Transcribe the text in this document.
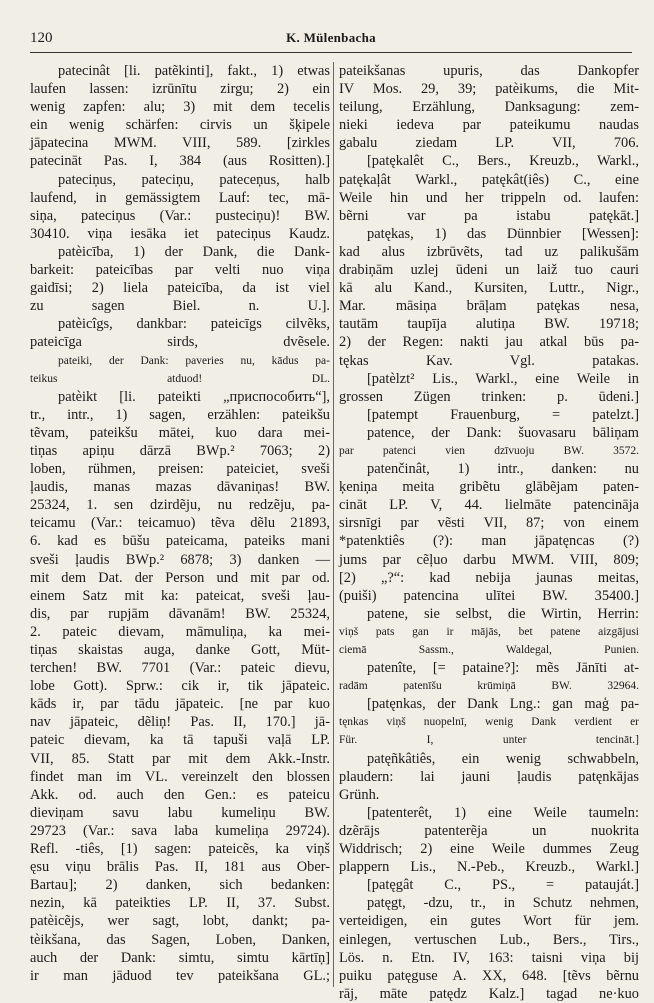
120	K. Mülenbacha
patecinât [li. patẽkinti], fakt., 1) etwas
laufen lassen: izrūnītu zirgu; 2) ein
wenig zapfen: alu; 3) mit dem tecelis
ein wenig schärfen: cirvis un šķipele
jāpatecina MWM. VIII, 589. [zirkles
patecināt Pas. I, 384 (aus Rositten).]
pateciņus, pateciņu, pateceņus, halb
laufend, in gemässigtem Lauf: tec, mā-
siņa, pateciņus (Var.: pusteciņu)! BW.
30410. viņa iesāka iet pateciņus Kaudz.
patèicība, 1) der Dank, die Dank-
barkeit: pateicības par velti nuo viņa
gaidīsi; 2) liela pateicība, da ist viel
zu sagen Biel. n. U.].
patèicîgs, dankbar: pateicīgs cilvẽks,
pateicīga sirds, dvẽsele.
pateiki, der Dank: paveries nu, kādus pa-
teikus atduod! DL.
patèikt [li. pateikti „приспособить“],
tr., intr., 1) sagen, erzählen: pateikšu
tẽvam, pateikšu mātei, kuo dara mei-
tiņas apiņu dārzā BWp.² 7063; 2)
loben, rühmen, preisen: pateiciet, sveši
ļaudis, manas mazas dāvaniņas! BW.
25324, 1. sen dzirdẽju, nu redzẽju, pa-
teicamu (Var.: teicamuo) tẽva dẽlu 21893,
6. kad es būšu pateicama, pateiks mani
sveši ļaudis BWp.² 6878; 3) danken —
mit dem Dat. der Person und mit par od.
einem Satz mit ka: pateicat, sveši ļau-
dis, par rupjām dāvanām! BW. 25324,
2. pateic dievam, māmuliņa, ka mei-
tiņas skaistas auga, danke Gott, Müt-
terchen! BW. 7701 (Var.: pateic dievu,
lobe Gott). Sprw.: cik ir, tik jāpateic.
kāds ir, par tādu jāpateic. [ne par kuo
nav jāpateic, dẽliņ! Pas. II, 170.] jā-
pateic dievam, ka tā tapuši vaļā LP.
VII, 85. Statt par mit dem Akk.-Instr.
findet man im VL. vereinzelt den blossen
Akk. od. auch den Gen.: es pateicu
dieviņam savu labu kumeliņu BW.
29723 (Var.: sava laba kumeliņa 29724).
Refl. -tiês, [1) sagen: pateicẽs, ka viņš
ęsu viņu brālis Pas. II, 181 aus Ober-
Bartau]; 2) danken, sich bedanken:
nezin, kā pateikties LP. II, 37. Subst.
patèicẽjs, wer sagt, lobt, dankt; pa-
tèikšana, das Sagen, Loben, Danken,
auch der Dank: simtu, simtu kārtīņ]
ir man jāduod tev pateikšana GL.;
pateikšanas upuris, das Dankopfer
IV Mos. 29, 39; patèikums, die Mit-
teilung, Erzählung, Danksagung: zem-
nieki iedeva par pateikumu naudas
gabalu ziedam LP. VII, 706.
[patękalêt C., Bers., Kreuzb., Warkl.,
patękaļât Warkl., patękât(iês) C., eine
Weile hin und her trippeln od. laufen:
bẽrni var pa istabu patękāt.]
patękas, 1) das Dünnbier [Wessen]:
kad alus izbrūvẽts, tad uz palikušām
drabiņām uzlej ūdeni un laiž tuo cauri
kā alu Kand., Kursiten, Luttr., Nigr.,
Mar. māsiņa brāļam patękas nesa,
tautām taupīja alutiņa BW. 19718;
2) der Regen: nakti jau atkal būs pa-
tękas Kav. Vgl. patakas.
[patèlzt² Lis., Warkl., eine Weile in
grossen Zügen trinken: p. ūdeni.]
[patempt Frauenburg, = patelzt.]
patence, der Dank: šuovasaru bāliņam
par patenci vien dzīvuoju BW. 3572.
patenčinât, 1) intr., danken: nu
ķeniņa meita gribẽtu glābẽjam paten-
cināt LP. V, 44. lielmāte patencināja
sirsnīgi par vẽsti VII, 87; von einem
*patenktiês (?): man jāpatęncas (?)
jums par cẽļuo darbu MWM. VIII, 809;
[2) „?“: kad nebija jaunas meitas,
(puiši) patencina ulītei BW. 35400.]
patene, sie selbst, die Wirtin, Herrin:
viņš pats gan ir mājās, bet patene aizgājusi
ciemā Sassm., Waldegal, Punien.
patenîte, [= pataine?]: mẽs Jānīti at-
radām patenīšu krūmiņā BW. 32964.
[patęnkas, der Dank Lng.: gan maģ pa-
tęnkas viņš nuopelnī, wenig Dank verdient er
Für. I, unter tencināt.]
patęñkâtiês, ein wenig schwabbeln,
plaudern: lai jauni ļaudis patęnkājas
Grünh.
[patenterêt, 1) eine Weile taumeln:
dzẽrājs patenterẽja un nuokrita
Widdrisch; 2) eine Weile dummes Zeug
plappern Lis., N.-Peb., Kreuzb., Warkl.]
[patęgât C., PS., = patauját.]
patęgt, -dzu, tr., in Schutz nehmen,
verteidigen, ein gutes Wort für jem.
einlegen, vertuschen Lub., Bers., Tirs.,
Lös. n. Etn. IV, 163: taisni viņa bij
puiku patęguse A. XX, 648. [tẽvs bẽrnu
rāj, māte patędz Kalz.] tagad ne·kuo
